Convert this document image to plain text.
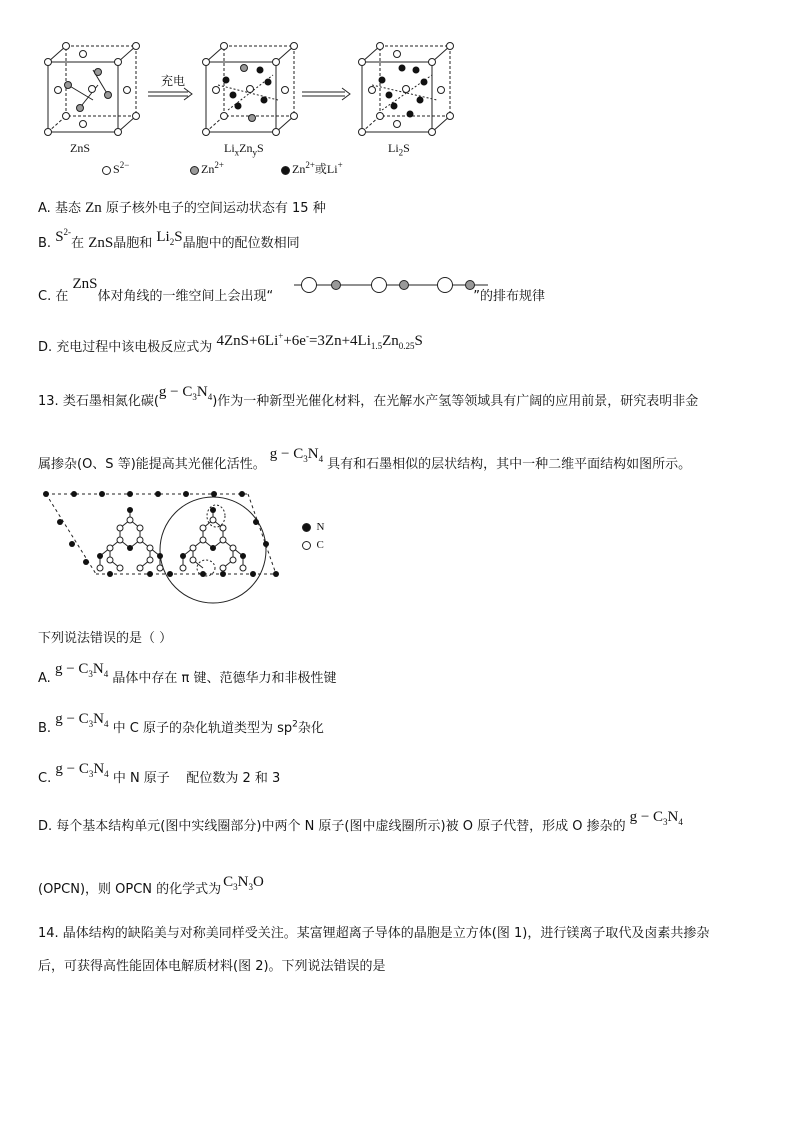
充电
ZnS	$Li_xZn_yS$	$Li_2S$
$S^{2-}$	$Zn^{2+}$	$Zn^{2+}$或Li+
A. 基态 Zn 原子核外电子的空间运动状态有 15 种
B. $S^{2-}$在 ZnS晶胞和 $Li_2S$晶胞中的配位数相同
C. 在 ZnS体对角线的一维空间上会出现“	”的排布规律
D. 充电过程中该电极反应式为 $4ZnS+6Li^++6e^-=3Zn+4Li_{1.5}Zn_{0.25}S$
13. 类石墨相氮化碳$(g - C_3N_4)$作为一种新型光催化材料，在光解水产氢等领域具有广阔的应用前景，研究表明非金
属掺杂(O、S 等)能提高其光催化活性。$g - C_3N_4$ 具有和石墨相似的层状结构，其中一种二维平面结构如图所示。
N
C
下列说法错误的是（ ）
A. $g - C_3N_4$ 晶体中存在 π 键、范德华力和非极性键
B. $g - C_3N_4$ 中 C 原子的杂化轨道类型为 $sp^2$杂化
C. $g - C_3N_4$ 中 N 原子 配位数为 2 和 3
D. 每个基本结构单元(图中实线圈部分)中两个 N 原子(图中虚线圈所示)被 O 原子代替，形成 O 掺杂的$g - C_3N_4$
(OPCN)，则 OPCN 的化学式为 $C_3N_3O$
14. 晶体结构的缺陷美与对称美同样受关注。某富锂超离子导体的晶胞是立方体(图 1)，进行镁离子取代及卤素共掺杂
后，可获得高性能固体电解质材料(图 2)。下列说法错误的是
